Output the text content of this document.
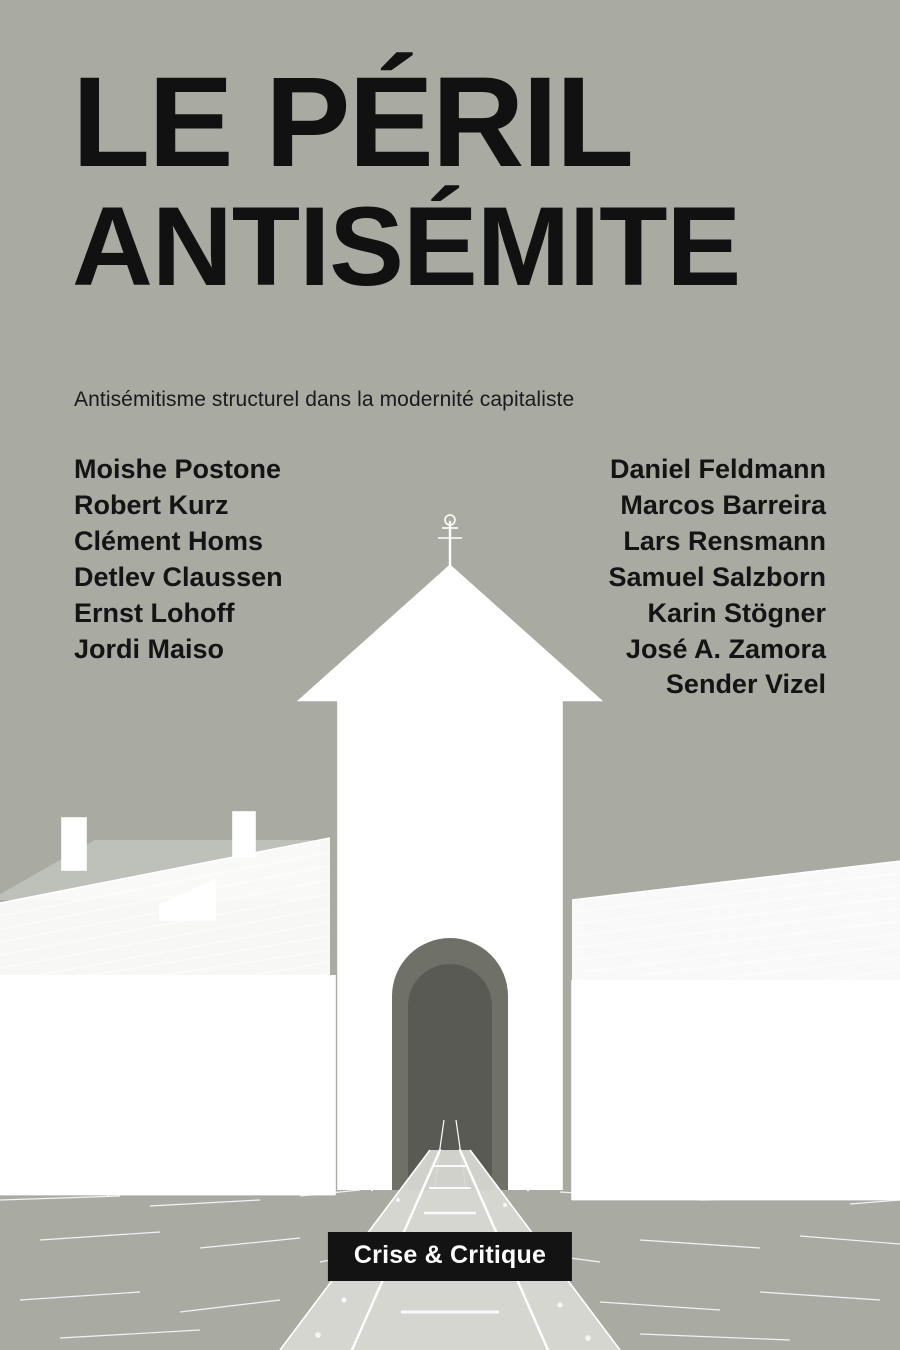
LE PÉRIL
ANTISÉMITE
Antisémitisme structurel dans la modernité capitaliste
Moishe Postone
Robert Kurz
Clément Homs
Detlev Claussen
Ernst Lohoff
Jordi Maiso
Daniel Feldmann
Marcos Barreira
Lars Rensmann
Samuel Salzborn
Karin Stögner
José A. Zamora
Sender Vizel
Crise & Critique
